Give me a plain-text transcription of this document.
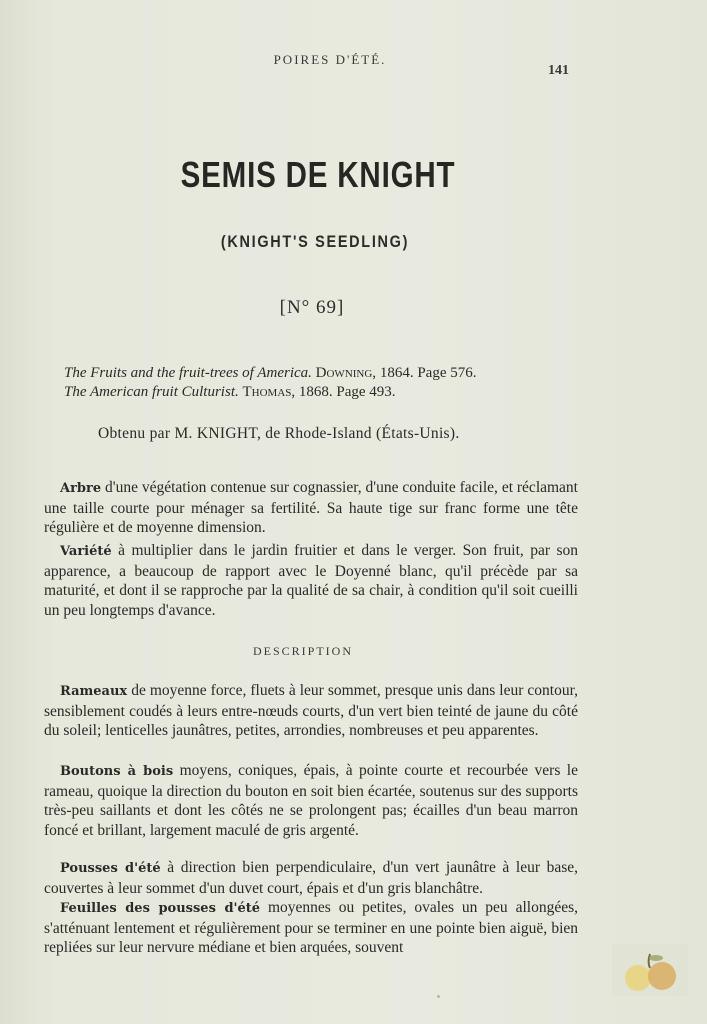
POIRES D'ÉTÉ.
141
SEMIS DE KNIGHT
(KNIGHT'S SEEDLING)
[N° 69]
The Fruits and the fruit-trees of America. Downing, 1864. Page 576.
The American fruit Culturist. Thomas, 1868. Page 493.
Obtenu par M. KNIGHT, de Rhode-Island (États-Unis).
Arbre d'une végétation contenue sur cognassier, d'une conduite facile, et réclamant une taille courte pour ménager sa fertilité. Sa haute tige sur franc forme une tête régulière et de moyenne dimension.
Variété à multiplier dans le jardin fruitier et dans le verger. Son fruit, par son apparence, a beaucoup de rapport avec le Doyenné blanc, qu'il précède par sa maturité, et dont il se rapproche par la qualité de sa chair, à condition qu'il soit cueilli un peu longtemps d'avance.
DESCRIPTION
Rameaux de moyenne force, fluets à leur sommet, presque unis dans leur contour, sensiblement coudés à leurs entre-nœuds courts, d'un vert bien teinté de jaune du côté du soleil; lenticelles jaunâtres, petites, arrondies, nombreuses et peu apparentes.
Boutons à bois moyens, coniques, épais, à pointe courte et recourbée vers le rameau, quoique la direction du bouton en soit bien écartée, soutenus sur des supports très-peu saillants et dont les côtés ne se prolongent pas; écailles d'un beau marron foncé et brillant, largement maculé de gris argenté.
Pousses d'été à direction bien perpendiculaire, d'un vert jaunâtre à leur base, couvertes à leur sommet d'un duvet court, épais et d'un gris blanchâtre.
Feuilles des pousses d'été moyennes ou petites, ovales un peu allongées, s'atténuant lentement et régulièrement pour se terminer en une pointe bien aiguë, bien repliées sur leur nervure médiane et bien arquées, souvent
